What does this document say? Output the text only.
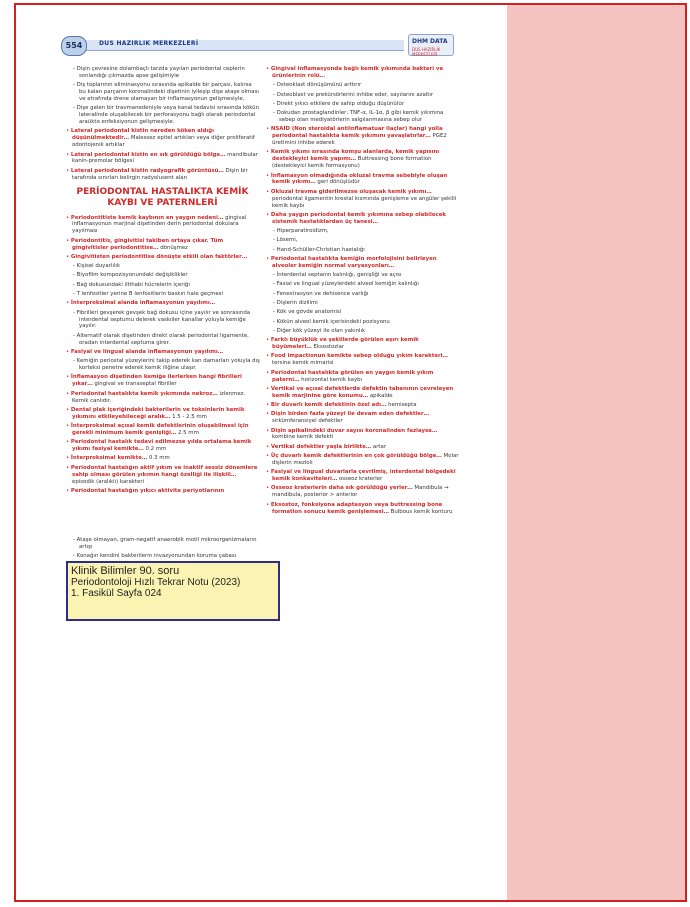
554	DUS HAZIRLIK MERKEZLERİ	DHM DATA
DUS HAZIRLIK MERKEZLERİ
- Dişin çevresine dolambaçlı tarzda yayılan periodontal ceplerin sonlandığı çıkmazda apse gelişimiyle
- Diş toplarının eliminasyonu sırasında apikalde bir parçası, kalırsa bu kalan parçanın koronalindeki dişetinin iyileşip dişe ataşe olması ve etrafında drene olamayan bir inflamasyonun gelişmesiyle,
- Dişe gelen bir travmanedeniyle veya kanal tedavisi sırasında kökün lateralinde oluşabilecek bir perforasyonu bağlı olarak periodontal araüktə enfeksiyonun gelişmesiyle.
• Lateral periodontal kistin nereden köken aldığı düşünülmektedir… Malessez epitel artıkları veya diğer proliferatif odontojenik artıklar
• Lateral periodontal kistin en sık görüldüğü bölge… mandibular kanin-premolar bölgesi
• Lateral periodontal kistin radyografik görüntüsü… Dişin bir tarafında sınırları belirgin radyolusent alan
PERİODONTAL HASTALIKTA KEMİK
KAYBI VE PATERNLERİ
• Periodontitiste kemik kaybının en yaygın nedeni… gingival inflamasyonun marjinal dişetinden derin periodontal dokulara yayılması
• Periodontitis, gingivitisi takiben ortaya çıkar. Tüm gingivitisler periodontitise… dönüşmez
• Gingivitisten periodontitise dönüşte etkili olan faktörler…
- Kişisel duyarlılık
- Biyofilm kompozisyonundaki değişiklikler
- Bağ dokusundaki iltihabi hücrelerin içeriği
- T lenfositler yerine B lenfositlerin baskın hale geçmesi
• İnterproksimal alanda inflamasyonun yayılımı…
- Fibrilleri gevşerek gevşek bağ dokusu içine yayılır ve sonrasında interdental septumu delerek vaskıiler kanallar yoluyla kemiğe yayılır.
- Alternatif olarak dişetinden direkt olarak periodontal ligamente, oradan interdental septuma girer.
• Fasiyal ve lingual alanda inflamasyonun yayılımı…
- Kemiğin periostal yüzeylerini takip ederek kan damarları yoluyla dış korteksi penetre ederek kemik iliğine ulaşır.
• İnflamasyon dişetinden kemiğe ilerlerken hangi fibrilleri yıkar… gingival ve transseptal fibriller
• Periodontal hastalıkta kemik yıkımında nekroz… izlenmez. Kemik canlıdır.
• Dental plak içeriğindeki bakterilerin ve toksinlerin kemik yıkımını etkileyebileceği aralık… 1.5 - 2.5 mm
• İnterproksimal açısal kemik defektlerinin oluşabilmesi için gerekli minimum kemik genişliği… 2.5 mm
• Periodontal hastalık tedavi edilmezse yılda ortalama kemik yıkımı fasiyal kemikte… 0.2 mm
• İnterproksimal kemikte… 0.3 mm
• Periodontal hastalığın aktif yıkım ve inaktif sessiz dönemlere sahip olması görülen yıkımın hangi özelliği ile ilişkili… episodik (aralıklı) karakteri
• Periodontal hastalığın yıkıcı aktivite periyotlarının
- Ataşe olmayan, gram-negatif anaerobik motil mikroorganizmaların artışı
- Konağın kendini bakterilerin invazyonundan koruma çabası
• Gingival inflamasyonda bağlı kemik yıkımında bakteri ve ürünlerinin rolü…
- Osteoklast dönüşümünü arttırır
- Osteoblast ve prekürsörlerini inhibe eder, sayılarını azaltır
- Direkt yıkıcı etkilere de sahip olduğu düşünülür
- Dokudan prostaglandinler, TNF-α, IL-1α, β gibi kemik yıkımına sebep olan mediyatörlerin salgılanmasına sebep olur
• NSAID (Non steroidal antiinflamatuar ilaçlar) hangi yolla periodontal hastalıkta kemik yıkımını yavaşlatırlar… PGE2 üretimini inhibe ederek
• Kemik yıkımı sırasında komşu alanlarda, kemik yapısını destekleyici kemik yapımı… Buttressing bone formation (destekleyici kemik formasyonu)
• İnflamasyon olmadığında okluzal travma sebebiyle oluşan kemik yıkımı… geri dönüşlüdür
• Okluzal travma giderilmezse oluşacak kemik yıkımı… periodontal ligamentin krestal kısmında genişleme ve angüler şekilli kemik kaybı
• Daha yaygın periodontal kemik yıkımına sebep olabilecek sistemik hastalıklardan üç tanesi…
- Hiperparatiroidizm,
- Lösemi,
- Hand-Schüller-Christian hastalığı
• Periodontal hastalıkta kemiğin morfolojisini belirleyen alveoler kemiğin normal varyasyonları…
- İnterdental septanın kalınlığı, genişliği ve açısı
- Fasial ve lingual yüzeylerdeki alveol kemiğin kalınlığı
- Fenestrasyon ve dehisence varlığı
- Dişlerin dizilimi
- Kök ve gövde anatomisi
- Kökün alveol kemik içerisindeki pozisyonu
- Diğer kök yüzeyi ile olan yakınlık
• Farklı büyüklük ve şekillerde görülen aşırı kemik büyümeleri… Eksostozlar
• Food impactionun kemikte sebep olduğu yıkım karakteri… tersine kemik mimarisi
• Periodontal hastalıkta görülen en yaygın kemik yıkım paterni… horizontal kemik kaybı
• Vertikal ve açısal defektlerde defektin tabanının çevreleyen kemik marjinine göre konumu… apikalde
• Bir duvarlı kemik defektinin özel adı… hemisepta
• Dişin birden fazla yüzeyi ile devam eden defektler… sirkümferansiyel defektler
• Dişin apikalindeki duvar sayısı koronalinden fazlaysa… kombine kemik defekti
• Vertikal defektler yaşla birlikte… artar
• Üç duvarlı kemik defektlerinin en çok görüldüğü bölge… Molar dişlerin mezioli
• Fasiyal ve lingual duvarlarla çevrilmiş, interdental bölgedeki kemik konkaviteleri… osseoz kraterler
• Osseoz kraterlerin daha sık görüldüğü yerler… Mandibula → mandibula, posterior > anterior
• Eksostoz, fonksiyona adaptasyon veya buttressing bone formation sonucu kemik genişlemesi… Bulbous kemik konturu
Klinik Bilimler 90. soru
Periodontoloji Hızlı Tekrar Notu (2023)
1. Fasikül Sayfa 024
